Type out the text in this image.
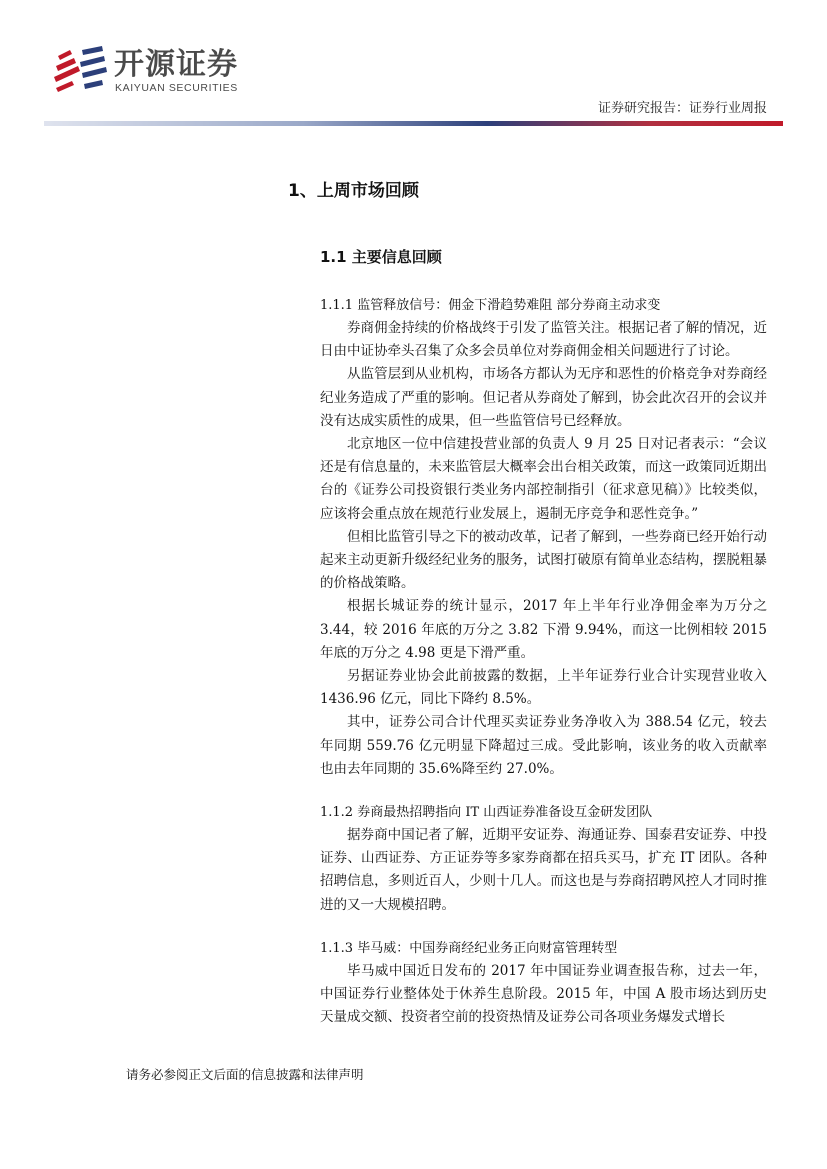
开源证券
KAIYUAN SECURITIES
证券研究报告：证券行业周报
1、上周市场回顾
1.1 主要信息回顾

1.1.1 监管释放信号：佣金下滑趋势难阻 部分券商主动求变

券商佣金持续的价格战终于引发了监管关注。根据记者了解的情况，近日由中证协牵头召集了众多会员单位对券商佣金相关问题进行了讨论。

从监管层到从业机构，市场各方都认为无序和恶性的价格竞争对券商经纪业务造成了严重的影响。但记者从券商处了解到，协会此次召开的会议并没有达成实质性的成果，但一些监管信号已经释放。

北京地区一位中信建投营业部的负责人 9 月 25 日对记者表示：“会议还是有信息量的，未来监管层大概率会出台相关政策，而这一政策同近期出台的《证券公司投资银行类业务内部控制指引（征求意见稿）》比较类似，应该将会重点放在规范行业发展上，遏制无序竞争和恶性竞争。”

但相比监管引导之下的被动改革，记者了解到，一些券商已经开始行动起来主动更新升级经纪业务的服务，试图打破原有简单业态结构，摆脱粗暴的价格战策略。

根据长城证券的统计显示，2017 年上半年行业净佣金率为万分之 3.44，较 2016 年底的万分之 3.82 下滑 9.94%，而这一比例相较 2015 年底的万分之 4.98 更是下滑严重。

另据证券业协会此前披露的数据，上半年证券行业合计实现营业收入 1436.96 亿元，同比下降约 8.5%。

其中，证券公司合计代理买卖证券业务净收入为 388.54 亿元，较去年同期 559.76 亿元明显下降超过三成。受此影响，该业务的收入贡献率也由去年同期的 35.6%降至约 27.0%。

1.1.2 券商最热招聘指向 IT 山西证券准备设互金研发团队

据券商中国记者了解，近期平安证券、海通证券、国泰君安证券、中投证券、山西证券、方正证券等多家券商都在招兵买马，扩充 IT 团队。各种招聘信息，多则近百人，少则十几人。而这也是与券商招聘风控人才同时推进的又一大规模招聘。

1.1.3 毕马威：中国券商经纪业务正向财富管理转型

毕马威中国近日发布的 2017 年中国证券业调查报告称，过去一年，中国证券行业整体处于休养生息阶段。2015 年，中国 A 股市场达到历史天量成交额、投资者空前的投资热情及证券公司各项业务爆发式增长

请务必参阅正文后面的信息披露和法律声明
